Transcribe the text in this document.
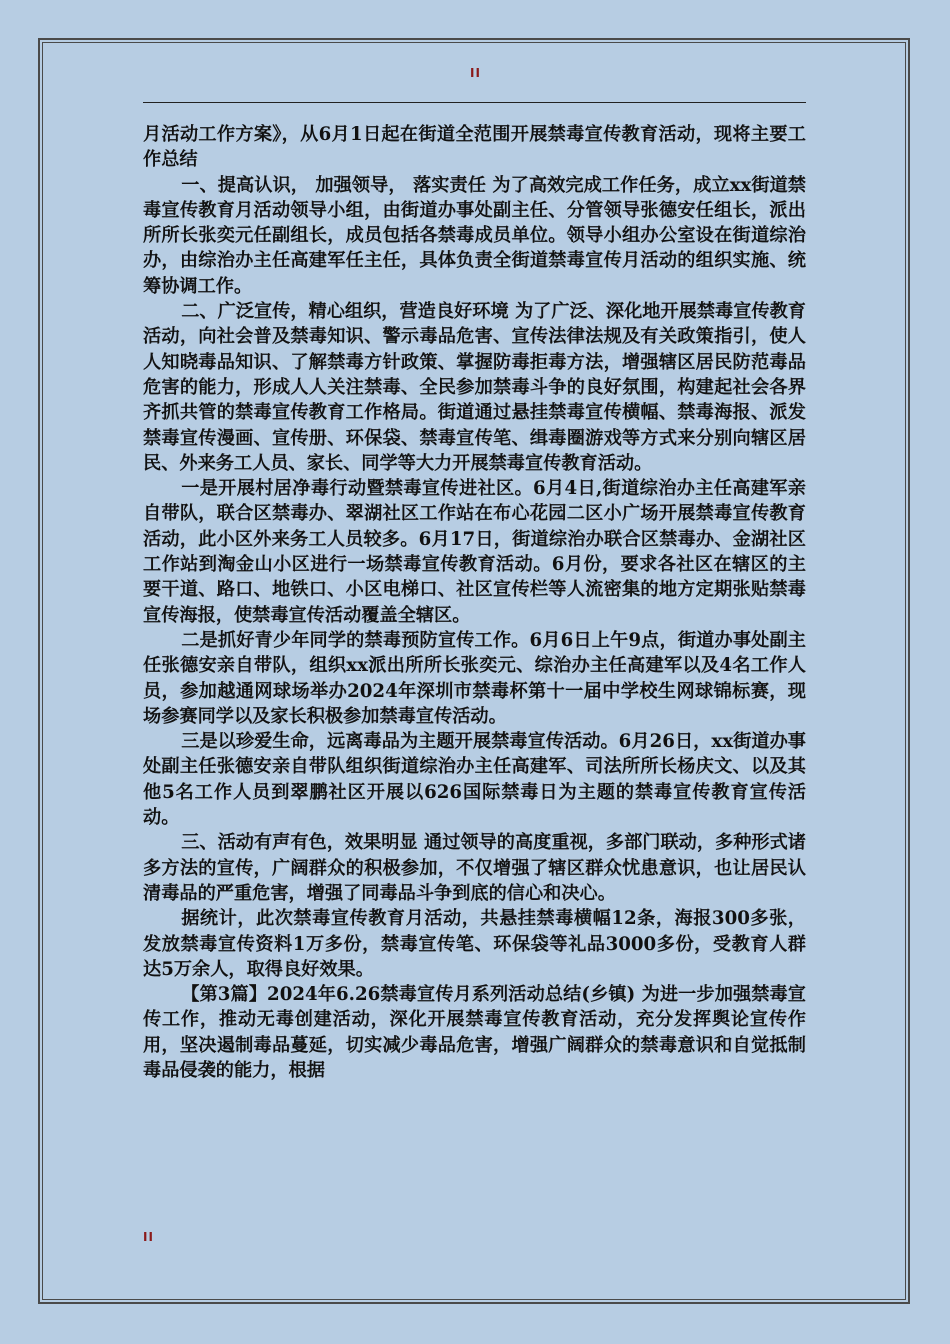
II

月活动工作方案》，从6月1日起在街道全范围开展禁毒宣传教育活动，现将主要工作总结

一、提高认识， 加强领导， 落实责任 为了高效完成工作任务，成立xx街道禁毒宣传教育月活动领导小组，由街道办事处副主任、分管领导张德安任组长，派出所所长张奕元任副组长，成员包括各禁毒成员单位。领导小组办公室设在街道综治办，由综治办主任高建军任主任，具体负责全街道禁毒宣传月活动的组织实施、统筹协调工作。

二、广泛宣传，精心组织，营造良好环境 为了广泛、深化地开展禁毒宣传教育活动，向社会普及禁毒知识、警示毒品危害、宣传法律法规及有关政策指引，使人人知晓毒品知识、了解禁毒方针政策、掌握防毒拒毒方法，增强辖区居民防范毒品危害的能力，形成人人关注禁毒、全民参加禁毒斗争的良好氛围，构建起社会各界齐抓共管的禁毒宣传教育工作格局。街道通过悬挂禁毒宣传横幅、禁毒海报、派发禁毒宣传漫画、宣传册、环保袋、禁毒宣传笔、缉毒圈游戏等方式来分别向辖区居民、外来务工人员、家长、同学等大力开展禁毒宣传教育活动。

一是开展村居净毒行动暨禁毒宣传进社区。6月4日,街道综治办主任高建军亲自带队，联合区禁毒办、翠湖社区工作站在布心花园二区小广场开展禁毒宣传教育活动，此小区外来务工人员较多。6月17日，街道综治办联合区禁毒办、金湖社区工作站到淘金山小区进行一场禁毒宣传教育活动。6月份，要求各社区在辖区的主要干道、路口、地铁口、小区电梯口、社区宣传栏等人流密集的地方定期张贴禁毒宣传海报，使禁毒宣传活动覆盖全辖区。

二是抓好青少年同学的禁毒预防宣传工作。6月6日上午9点，街道办事处副主任张德安亲自带队，组织xx派出所所长张奕元、综治办主任高建军以及4名工作人员，参加越通网球场举办2024年深圳市禁毒杯第十一届中学校生网球锦标赛，现场参赛同学以及家长积极参加禁毒宣传活动。

三是以珍爱生命，远离毒品为主题开展禁毒宣传活动。6月26日，xx街道办事处副主任张德安亲自带队组织街道综治办主任高建军、司法所所长杨庆文、以及其他5名工作人员到翠鹏社区开展以626国际禁毒日为主题的禁毒宣传教育宣传活动。

三、活动有声有色，效果明显 通过领导的高度重视，多部门联动，多种形式诸多方法的宣传，广阔群众的积极参加，不仅增强了辖区群众忧患意识，也让居民认清毒品的严重危害，增强了同毒品斗争到底的信心和决心。

据统计，此次禁毒宣传教育月活动，共悬挂禁毒横幅12条，海报300多张，发放禁毒宣传资料1万多份，禁毒宣传笔、环保袋等礼品3000多份，受教育人群达5万余人，取得良好效果。

【第3篇】2024年6.26禁毒宣传月系列活动总结(乡镇) 为进一步加强禁毒宣传工作，推动无毒创建活动，深化开展禁毒宣传教育活动，充分发挥舆论宣传作用，坚决遏制毒品蔓延，切实减少毒品危害，增强广阔群众的禁毒意识和自觉抵制毒品侵袭的能力，根据

II
